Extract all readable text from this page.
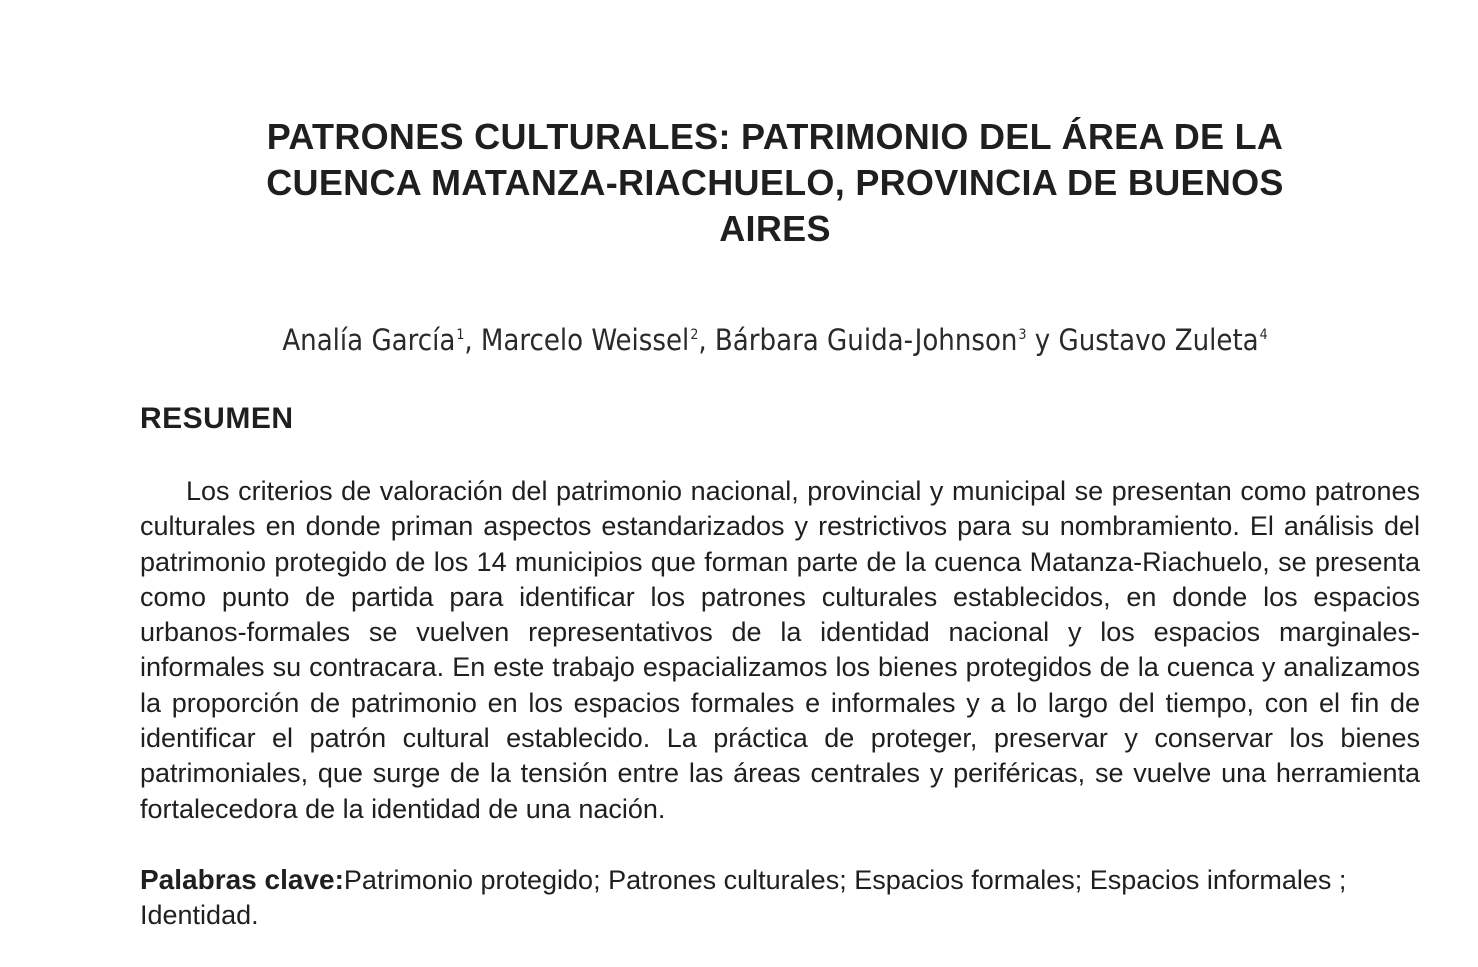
PATRONES CULTURALES: PATRIMONIO DEL ÁREA DE LA
CUENCA MATANZA-RIACHUELO, PROVINCIA DE BUENOS
AIRES
Analía García$^1$, Marcelo Weissel$^2$, Bárbara Guida-Johnson$^3$ y Gustavo Zuleta$^4$
RESUMEN

Los criterios de valoración del patrimonio nacional, provincial y municipal se presentan como patrones culturales en donde priman aspectos estandarizados y restrictivos para su nombramiento. El análisis del patrimonio protegido de los 14 municipios que forman parte de la cuenca Matanza-Riachuelo, se presenta como punto de partida para identificar los patrones culturales establecidos, en donde los espacios urbanos-formales se vuelven representativos de la identidad nacional y los espacios marginales-informales su contracara. En este trabajo espacializamos los bienes protegidos de la cuenca y analizamos la proporción de patrimonio en los espacios formales e informales y a lo largo del tiempo, con el fin de identificar el patrón cultural establecido. La práctica de proteger, preservar y conservar los bienes patrimoniales, que surge de la tensión entre las áreas centrales y periféricas, se vuelve una herramienta fortalecedora de la identidad de una nación.

Palabras clave:Patrimonio protegido; Patrones culturales; Espacios formales; Espacios informales ; Identidad.
